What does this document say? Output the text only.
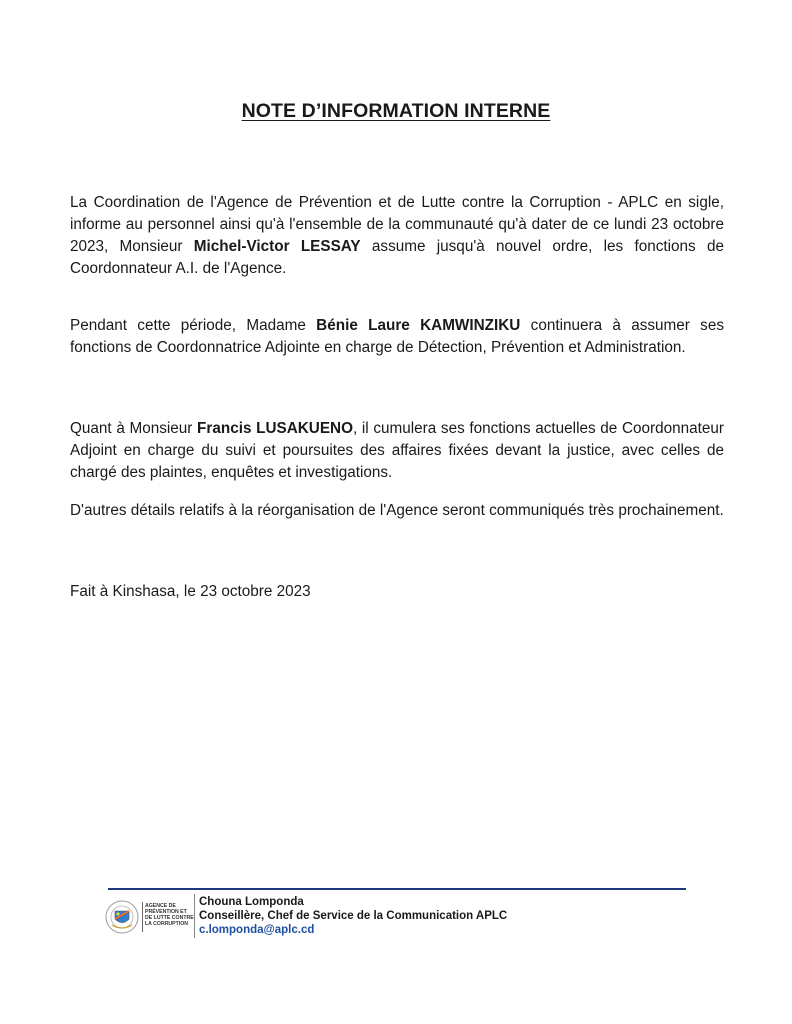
NOTE D’INFORMATION INTERNE
La Coordination de l'Agence de Prévention et de Lutte contre la Corruption - APLC en sigle, informe au personnel ainsi qu'à l'ensemble de la communauté qu'à dater de ce lundi 23 octobre 2023, Monsieur Michel-Victor LESSAY assume jusqu'à nouvel ordre, les fonctions de Coordonnateur A.I. de l'Agence.
Pendant cette période, Madame Bénie Laure KAMWINZIKU continuera à assumer ses fonctions de Coordonnatrice Adjointe en charge de Détection, Prévention et Administration.
Quant à Monsieur Francis LUSAKUENO, il cumulera ses fonctions actuelles de Coordonnateur Adjoint en charge du suivi et poursuites des affaires fixées devant la justice, avec celles de chargé des plaintes, enquêtes et investigations.
D'autres détails relatifs à la réorganisation de l'Agence seront communiqués très prochainement.
Fait à Kinshasa, le 23 octobre 2023
AGENCE DE PRÉVENTION ET DE LUTTE CONTRE LA CORRUPTION
Chouna Lomponda
Conseillère, Chef de Service de la Communication APLC
c.lomponda@aplc.cd
